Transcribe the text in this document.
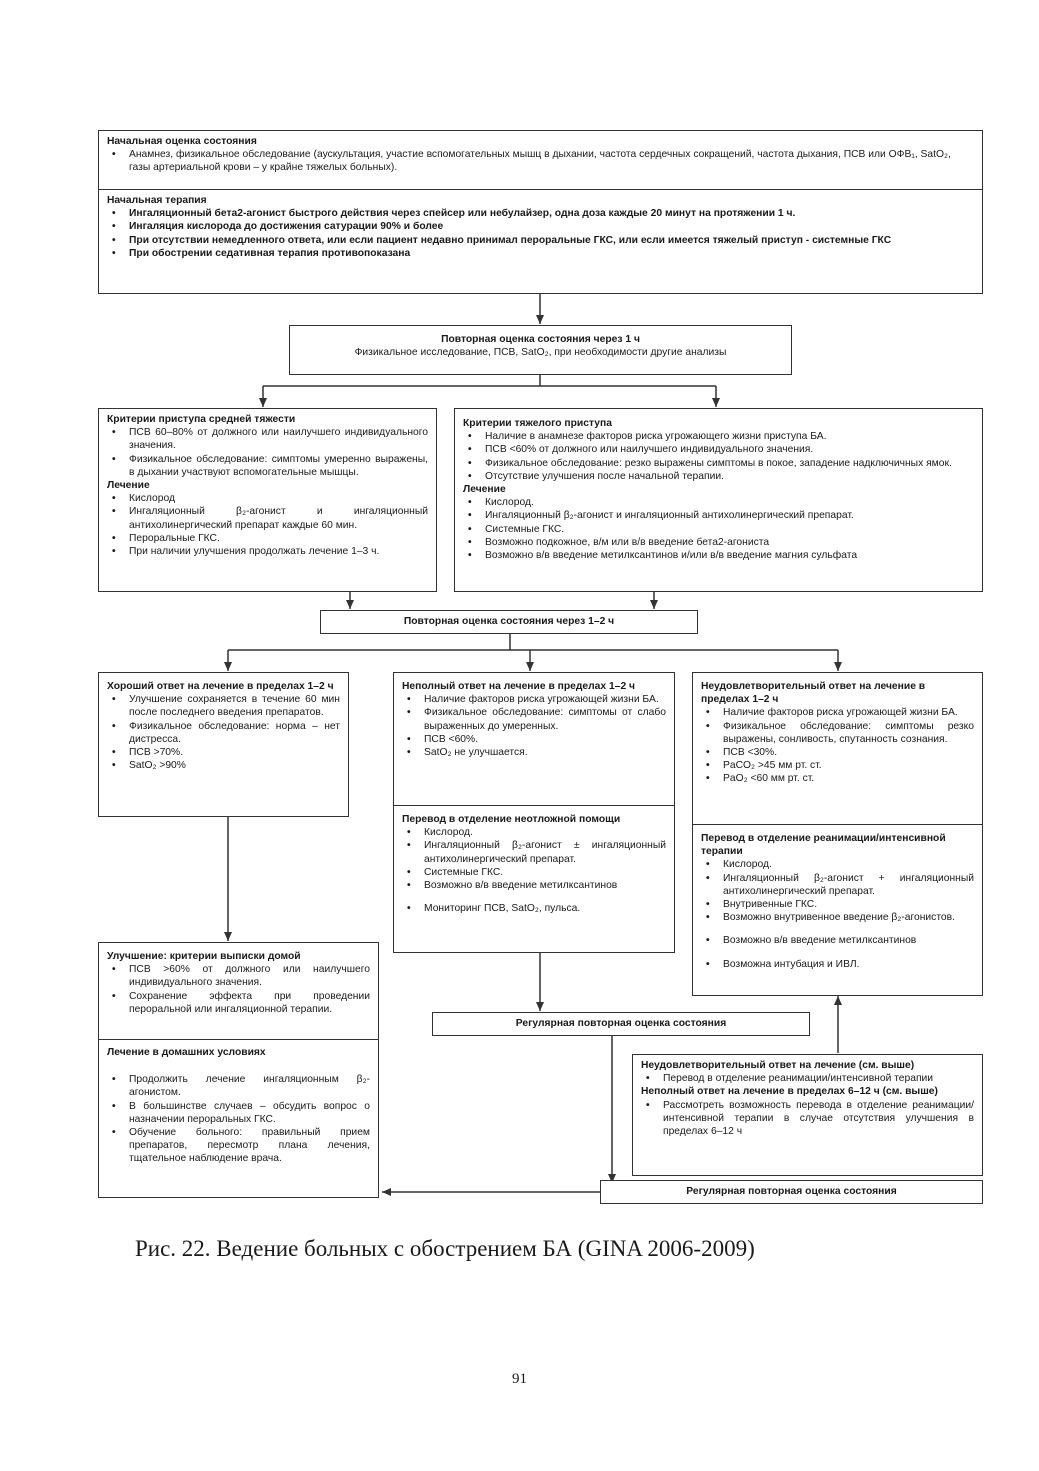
Начальная оценка состояния
• Анамнез, физикальное обследование (аускультация, участие вспомогательных мышц в дыхании, частота сердечных сокращений, частота дыхания, ПСВ или ОФВ₁, SatO₂, газы артериальной крови – у крайне тяжелых больных).
Начальная терапия
• Ингаляционный бета2-агонист быстрого действия через спейсер или небулайзер, одна доза каждые 20 минут на протяжении 1 ч.
• Ингаляция кислорода до достижения сатурации 90% и более
• При отсутствии немедленного ответа, или если пациент недавно принимал пероральные ГКС, или если имеется тяжелый приступ - системные ГКС
• При обострении седативная терапия противопоказана
Повторная оценка состояния через 1 ч
Физикальное исследование, ПСВ, SatO₂, при необходимости другие анализы
Критерии приступа средней тяжести
• ПСВ 60–80% от должного или наилучшего индивидуального значения.
• Физикальное обследование: симптомы умеренно выражены, в дыхании участвуют вспомогательные мышцы.
Лечение
• Кислород
• Ингаляционный β₂-агонист и ингаляционный антихолинергический препарат каждые 60 мин.
• Пероральные ГКС.
• При наличии улучшения продолжать лечение 1–3 ч.
Критерии тяжелого приступа
• Наличие в анамнезе факторов риска угрожающего жизни приступа БА.
• ПСВ <60% от должного или наилучшего индивидуального значения.
• Физикальное обследование: резко выражены симптомы в покое, западение надключичных ямок.
• Отсутствие улучшения после начальной терапии.
Лечение
• Кислород.
• Ингаляционный β₂-агонист и ингаляционный антихолинергический препарат.
• Системные ГКС.
• Возможно подкожное, в/м или в/в введение бета2-агониста
• Возможно в/в введение метилксантинов и/или в/в введение магния сульфата
Повторная оценка состояния через 1–2 ч
Хороший ответ на лечение в пределах 1–2 ч
• Улучшение сохраняется в течение 60 мин после последнего введения препаратов.
• Физикальное обследование: норма – нет дистресса.
• ПСВ >70%.
• SatO₂ >90%
Неполный ответ на лечение в пределах 1–2 ч
• Наличие факторов риска угрожающей жизни БА.
• Физикальное обследование: симптомы от слабо выраженных до умеренных.
• ПСВ <60%.
• SatO₂ не улучшается.
Перевод в отделение неотложной помощи
• Кислород.
• Ингаляционный β₂-агонист ± ингаляционный антихолинергический препарат.
• Системные ГКС.
• Возможно в/в введение метилксантинов
• Мониторинг ПСВ, SatO₂, пульса.
Неудовлетворительный ответ на лечение в пределах 1–2 ч
• Наличие факторов риска угрожающей жизни БА.
• Физикальное обследование: симптомы резко выражены, сонливость, спутанность сознания.
• ПСВ <30%.
• PaCO₂ >45 мм рт. ст.
• PaO₂ <60 мм рт. ст.
Перевод в отделение реанимации/интенсивной терапии
• Кислород.
• Ингаляционный β₂-агонист + ингаляционный антихолинергический препарат.
• Внутривенные ГКС.
• Возможно внутривенное введение β₂-агонистов.
• Возможно в/в введение метилксантинов
• Возможна интубация и ИВЛ.
Улучшение: критерии выписки домой
• ПСВ >60% от должного или наилучшего индивидуального значения.
• Сохранение эффекта при проведении пероральной или ингаляционной терапии.
Лечение в домашних условиях
• Продолжить лечение ингаляционным β₂-агонистом.
• В большинстве случаев – обсудить вопрос о назначении пероральных ГКС.
• Обучение больного: правильный прием препаратов, пересмотр плана лечения, тщательное наблюдение врача.
Регулярная повторная оценка состояния
Неудовлетворительный ответ на лечение (см. выше)
• Перевод в отделение реанимации/интенсивной терапии
Неполный ответ на лечение в пределах 6–12 ч (см. выше)
• Рассмотреть возможность перевода в отделение реанимации/интенсивной терапии в случае отсутствия улучшения в пределах 6–12 ч
Регулярная повторная оценка состояния
Рис. 22. Ведение больных с обострением БА (GINA 2006-2009)
91
